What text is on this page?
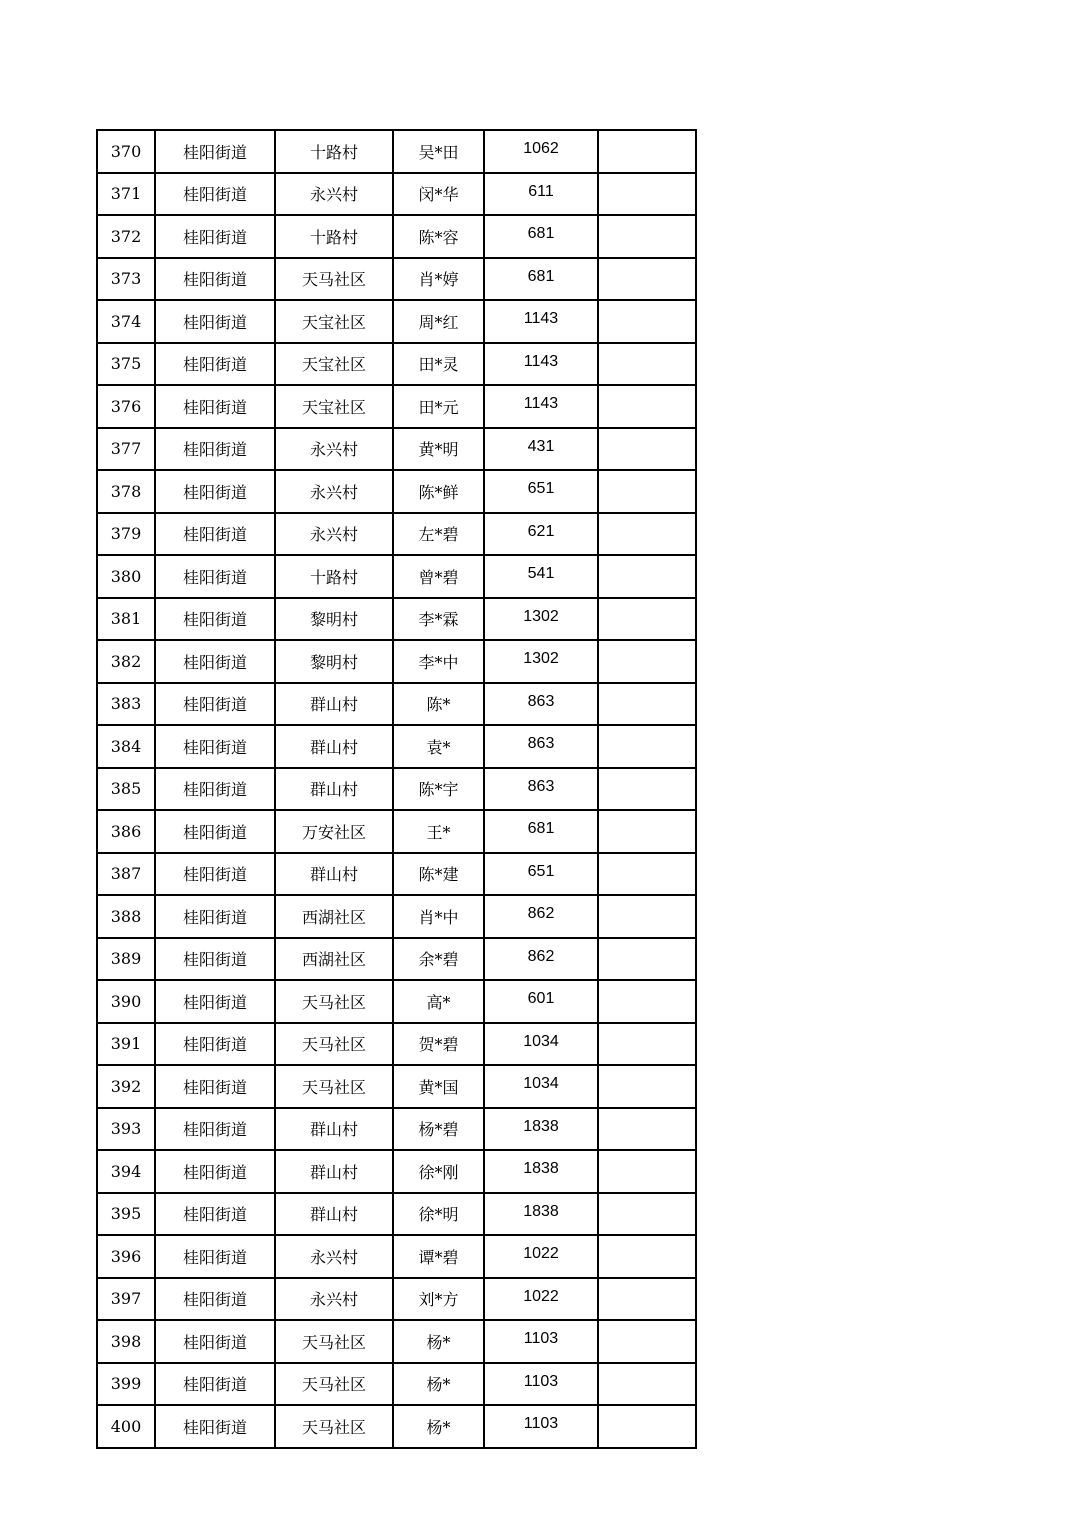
370	桂阳街道	十路村	吴*田	1062	
371	桂阳街道	永兴村	闵*华	611	
372	桂阳街道	十路村	陈*容	681	
373	桂阳街道	天马社区	肖*婷	681	
374	桂阳街道	天宝社区	周*红	1143	
375	桂阳街道	天宝社区	田*灵	1143	
376	桂阳街道	天宝社区	田*元	1143	
377	桂阳街道	永兴村	黄*明	431	
378	桂阳街道	永兴村	陈*鲜	651	
379	桂阳街道	永兴村	左*碧	621	
380	桂阳街道	十路村	曾*碧	541	
381	桂阳街道	黎明村	李*霖	1302	
382	桂阳街道	黎明村	李*中	1302	
383	桂阳街道	群山村	陈*	863	
384	桂阳街道	群山村	袁*	863	
385	桂阳街道	群山村	陈*宇	863	
386	桂阳街道	万安社区	王*	681	
387	桂阳街道	群山村	陈*建	651	
388	桂阳街道	西湖社区	肖*中	862	
389	桂阳街道	西湖社区	余*碧	862	
390	桂阳街道	天马社区	高*	601	
391	桂阳街道	天马社区	贺*碧	1034	
392	桂阳街道	天马社区	黄*国	1034	
393	桂阳街道	群山村	杨*碧	1838	
394	桂阳街道	群山村	徐*刚	1838	
395	桂阳街道	群山村	徐*明	1838	
396	桂阳街道	永兴村	谭*碧	1022	
397	桂阳街道	永兴村	刘*方	1022	
398	桂阳街道	天马社区	杨*	1103	
399	桂阳街道	天马社区	杨*	1103	
400	桂阳街道	天马社区	杨*	1103	
